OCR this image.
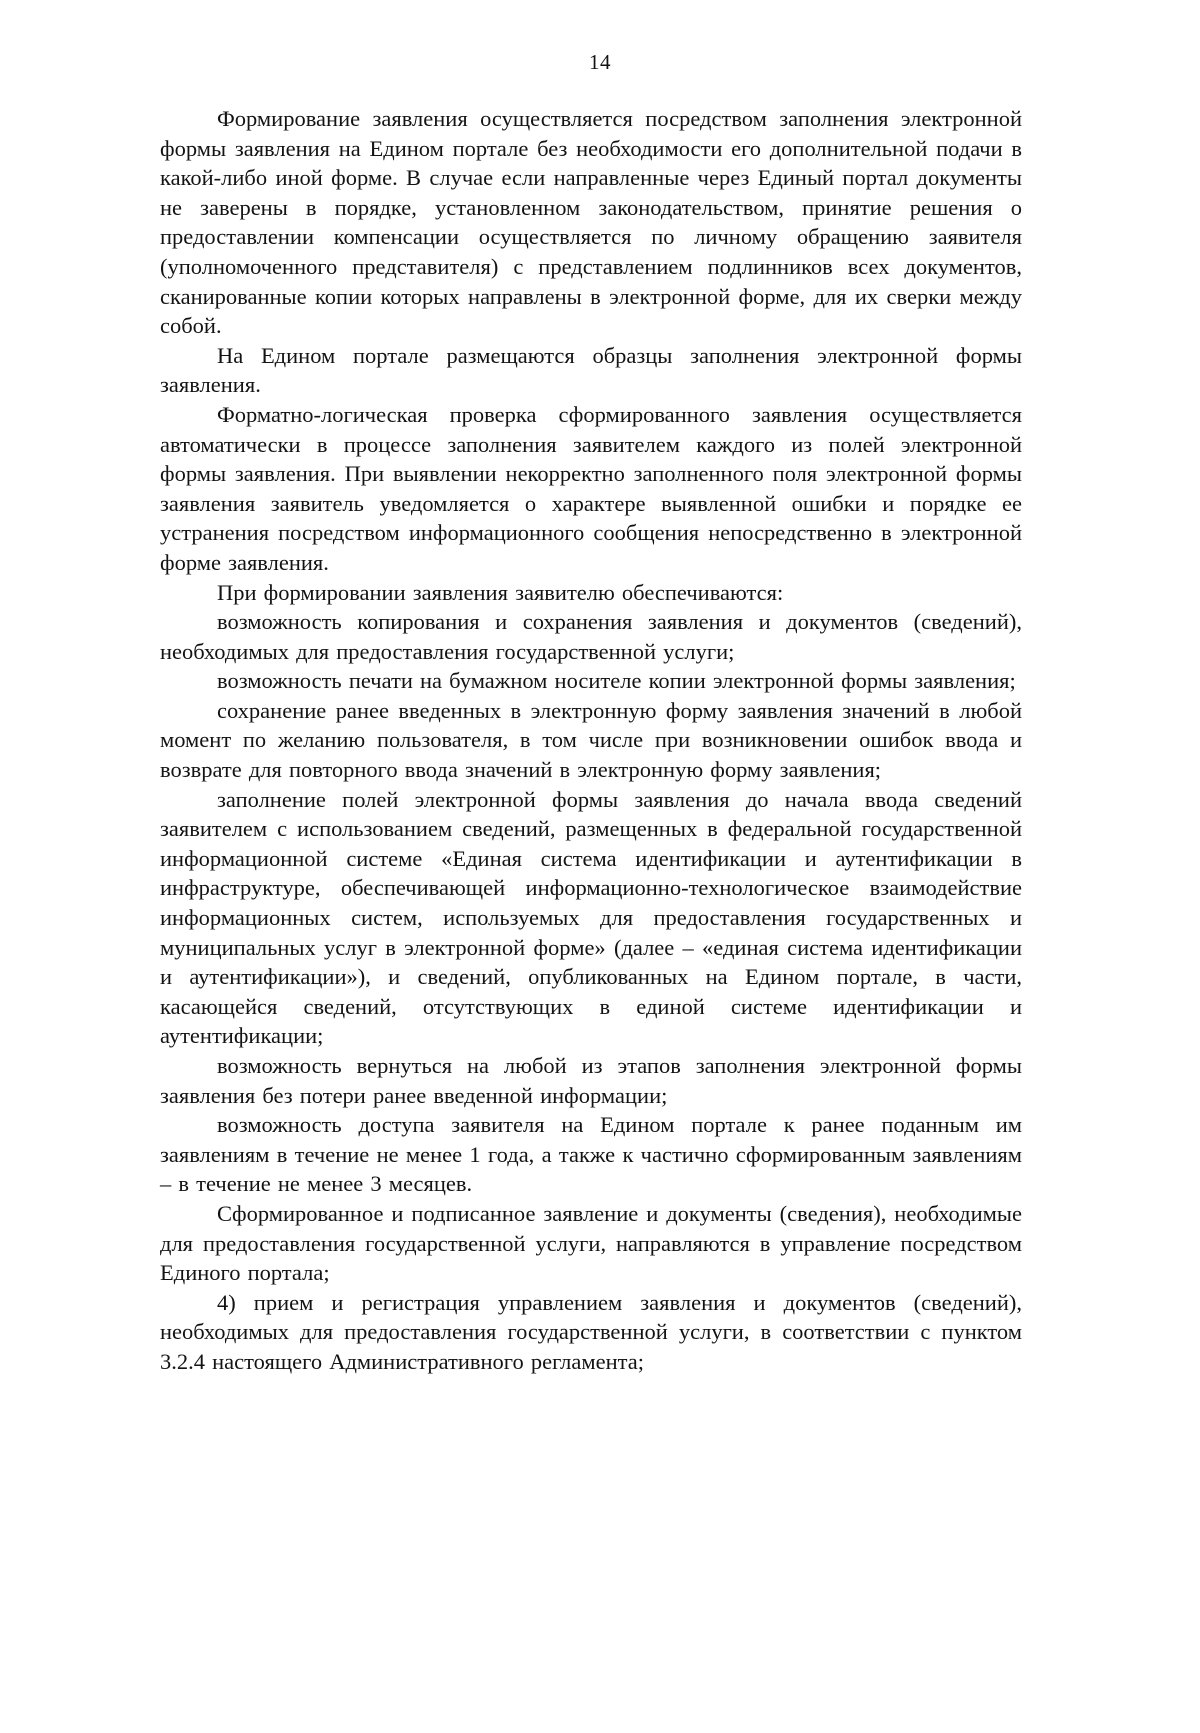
14

Формирование заявления осуществляется посредством заполнения электронной формы заявления на Едином портале без необходимости его дополнительной подачи в какой-либо иной форме. В случае если направленные через Единый портал документы не заверены в порядке, установленном законодательством, принятие решения о предоставлении компенсации осуществляется по личному обращению заявителя (уполномоченного представителя) с представлением подлинников всех документов, сканированные копии которых направлены в электронной форме, для их сверки между собой.

На Едином портале размещаются образцы заполнения электронной формы заявления.

Форматно-логическая проверка сформированного заявления осуществляется автоматически в процессе заполнения заявителем каждого из полей электронной формы заявления. При выявлении некорректно заполненного поля электронной формы заявления заявитель уведомляется о характере выявленной ошибки и порядке ее устранения посредством информационного сообщения непосредственно в электронной форме заявления.

При формировании заявления заявителю обеспечиваются:

возможность копирования и сохранения заявления и документов (сведений), необходимых для предоставления государственной услуги;

возможность печати на бумажном носителе копии электронной формы заявления;

сохранение ранее введенных в электронную форму заявления значений в любой момент по желанию пользователя, в том числе при возникновении ошибок ввода и возврате для повторного ввода значений в электронную форму заявления;

заполнение полей электронной формы заявления до начала ввода сведений заявителем с использованием сведений, размещенных в федеральной государственной информационной системе «Единая система идентификации и аутентификации в инфраструктуре, обеспечивающей информационно-технологическое взаимодействие информационных систем, используемых для предоставления государственных и муниципальных услуг в электронной форме» (далее – «единая система идентификации и аутентификации»), и сведений, опубликованных на Едином портале, в части, касающейся сведений, отсутствующих в единой системе идентификации и аутентификации;

возможность вернуться на любой из этапов заполнения электронной формы заявления без потери ранее введенной информации;

возможность доступа заявителя на Едином портале к ранее поданным им заявлениям в течение не менее 1 года, а также к частично сформированным заявлениям – в течение не менее 3 месяцев.

Сформированное и подписанное заявление и документы (сведения), необходимые для предоставления государственной услуги, направляются в управление посредством Единого портала;

4) прием и регистрация управлением заявления и документов (сведений), необходимых для предоставления государственной услуги, в соответствии с пунктом 3.2.4 настоящего Административного регламента;
